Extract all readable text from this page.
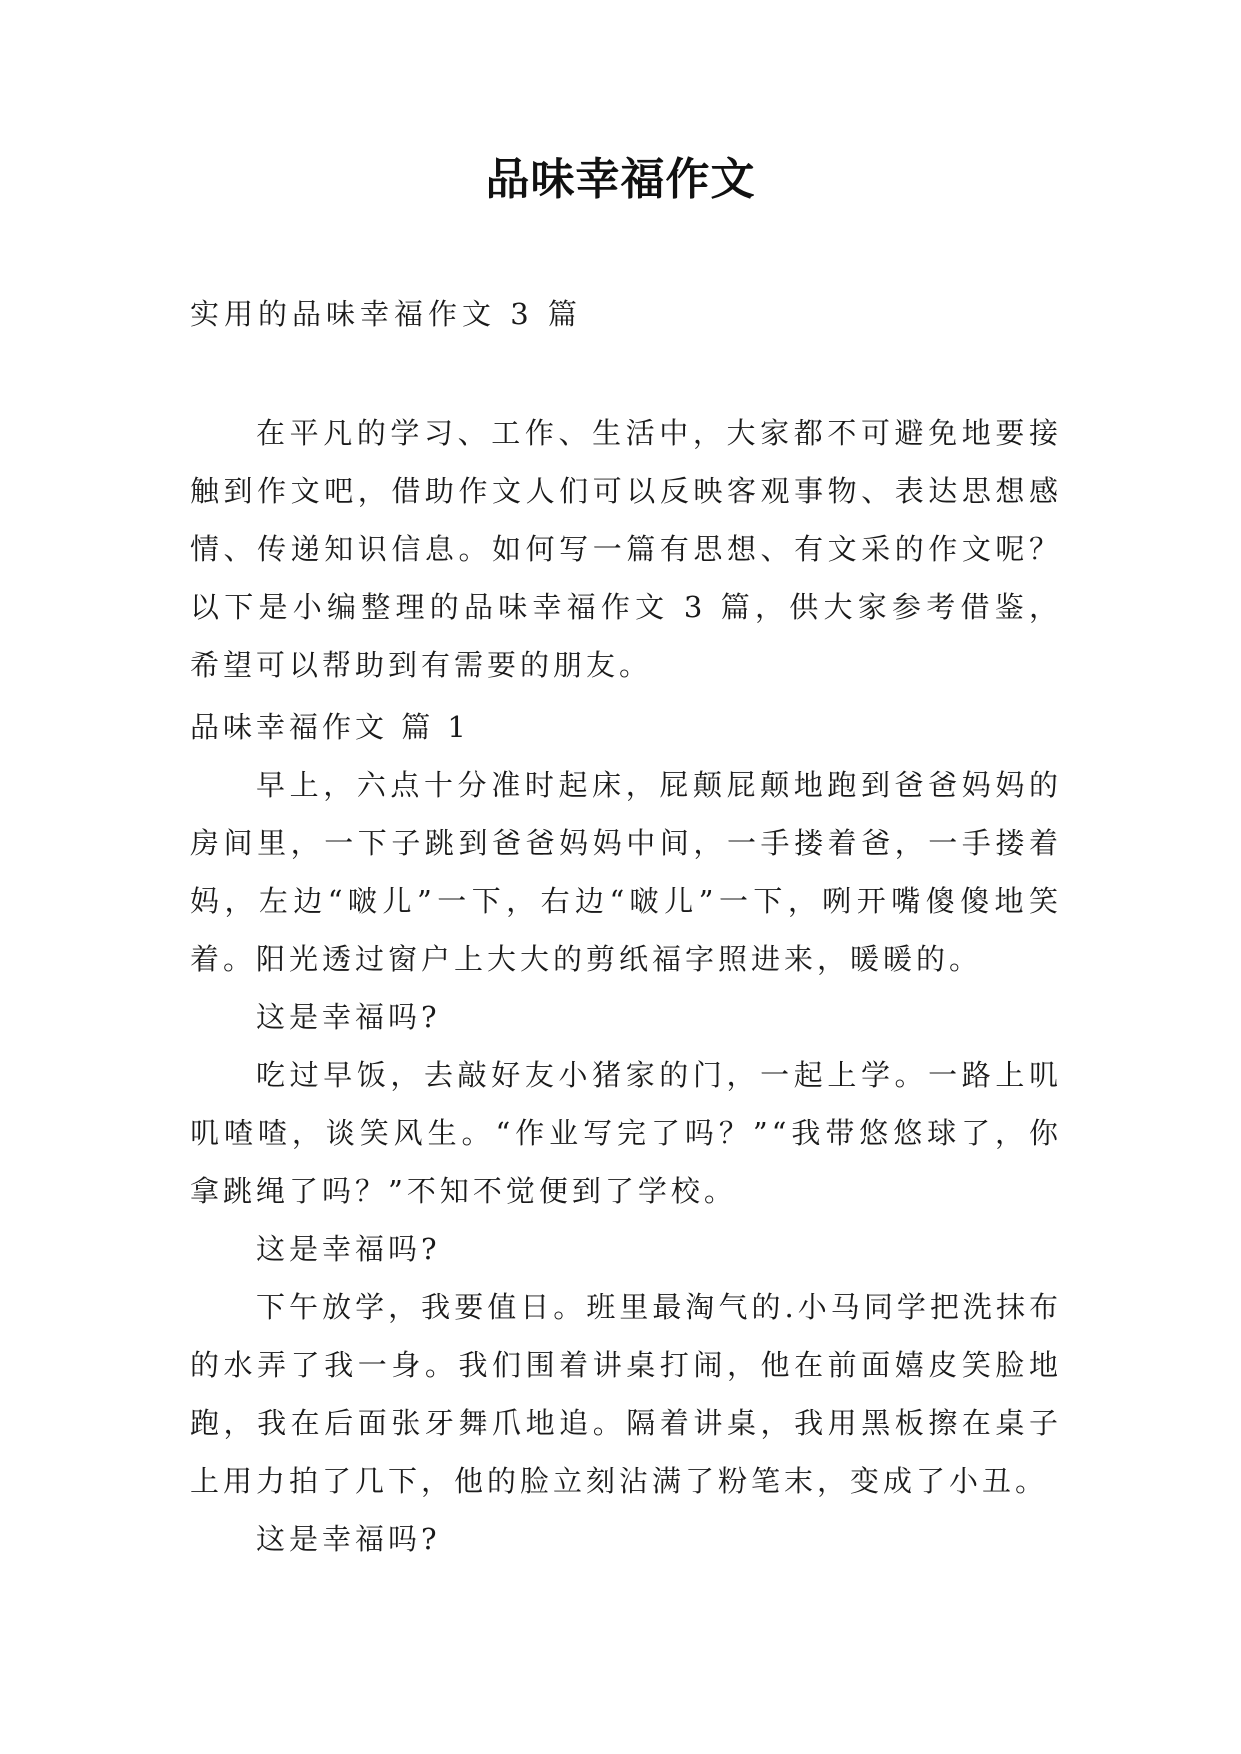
品味幸福作文
实用的品味幸福作文 3 篇
在平凡的学习、工作、生活中，大家都不可避免地要接触到作文吧，借助作文人们可以反映客观事物、表达思想感情、传递知识信息。如何写一篇有思想、有文采的作文呢？以下是小编整理的品味幸福作文 3 篇，供大家参考借鉴，希望可以帮助到有需要的朋友。

品味幸福作文 篇 1

早上，六点十分准时起床，屁颠屁颠地跑到爸爸妈妈的房间里，一下子跳到爸爸妈妈中间，一手搂着爸，一手搂着妈，左边“啵儿”一下，右边“啵儿”一下，咧开嘴傻傻地笑着。阳光透过窗户上大大的剪纸福字照进来，暖暖的。

这是幸福吗?

吃过早饭，去敲好友小猪家的门，一起上学。一路上叽叽喳喳，谈笑风生。“作业写完了吗？”“我带悠悠球了，你拿跳绳了吗？”不知不觉便到了学校。

这是幸福吗?

下午放学，我要值日。班里最淘气的.小马同学把洗抹布的水弄了我一身。我们围着讲桌打闹，他在前面嬉皮笑脸地跑，我在后面张牙舞爪地追。隔着讲桌，我用黑板擦在桌子上用力拍了几下，他的脸立刻沾满了粉笔末，变成了小丑。

这是幸福吗?
